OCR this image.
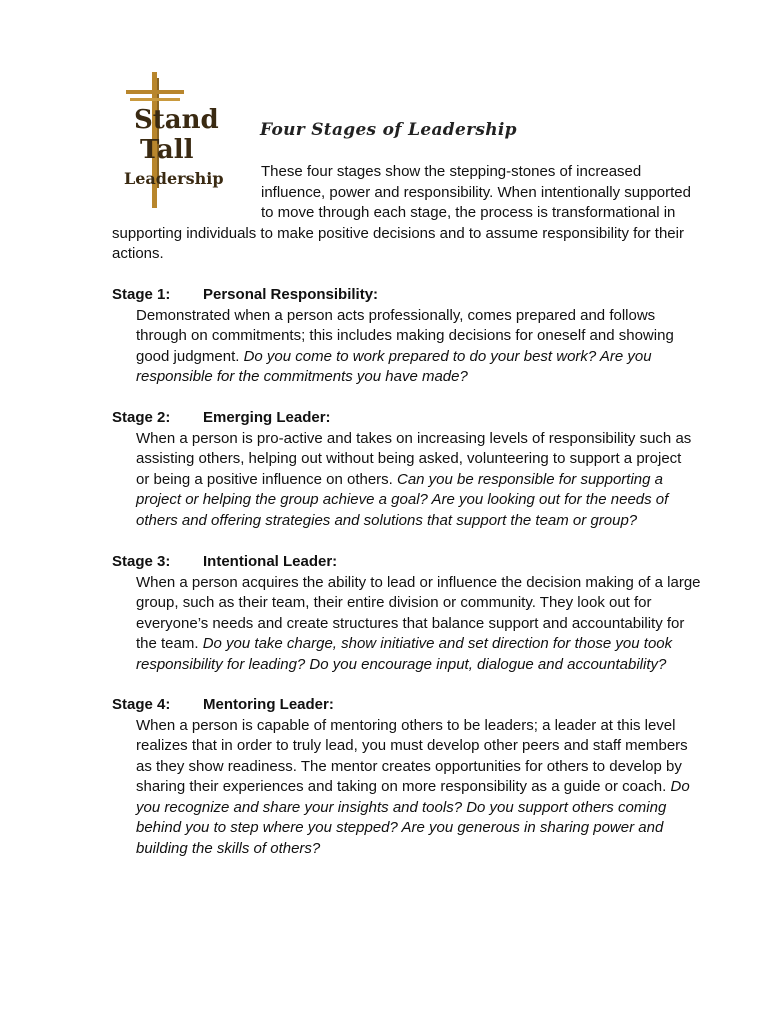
Stand
Tall
Leadership
Four Stages of Leadership
These four stages show the stepping-stones of increased
influence, power and responsibility. When intentionally supported
to move through each stage, the process is transformational in
supporting individuals to make positive decisions and to assume responsibility for their
actions.
Stage 1: Personal Responsibility:
Demonstrated when a person acts professionally, comes prepared and follows
through on commitments; this includes making decisions for oneself and showing
good judgment. Do you come to work prepared to do your best work? Are you
responsible for the commitments you have made?
Stage 2: Emerging Leader:
When a person is pro-active and takes on increasing levels of responsibility such as
assisting others, helping out without being asked, volunteering to support a project
or being a positive influence on others. Can you be responsible for supporting a
project or helping the group achieve a goal? Are you looking out for the needs of
others and offering strategies and solutions that support the team or group?
Stage 3: Intentional Leader:
When a person acquires the ability to lead or influence the decision making of a large
group, such as their team, their entire division or community. They look out for
everyone’s needs and create structures that balance support and accountability for
the team. Do you take charge, show initiative and set direction for those you took
responsibility for leading? Do you encourage input, dialogue and accountability?
Stage 4: Mentoring Leader:
When a person is capable of mentoring others to be leaders; a leader at this level
realizes that in order to truly lead, you must develop other peers and staff members
as they show readiness. The mentor creates opportunities for others to develop by
sharing their experiences and taking on more responsibility as a guide or coach. Do
you recognize and share your insights and tools? Do you support others coming
behind you to step where you stepped? Are you generous in sharing power and
building the skills of others?
